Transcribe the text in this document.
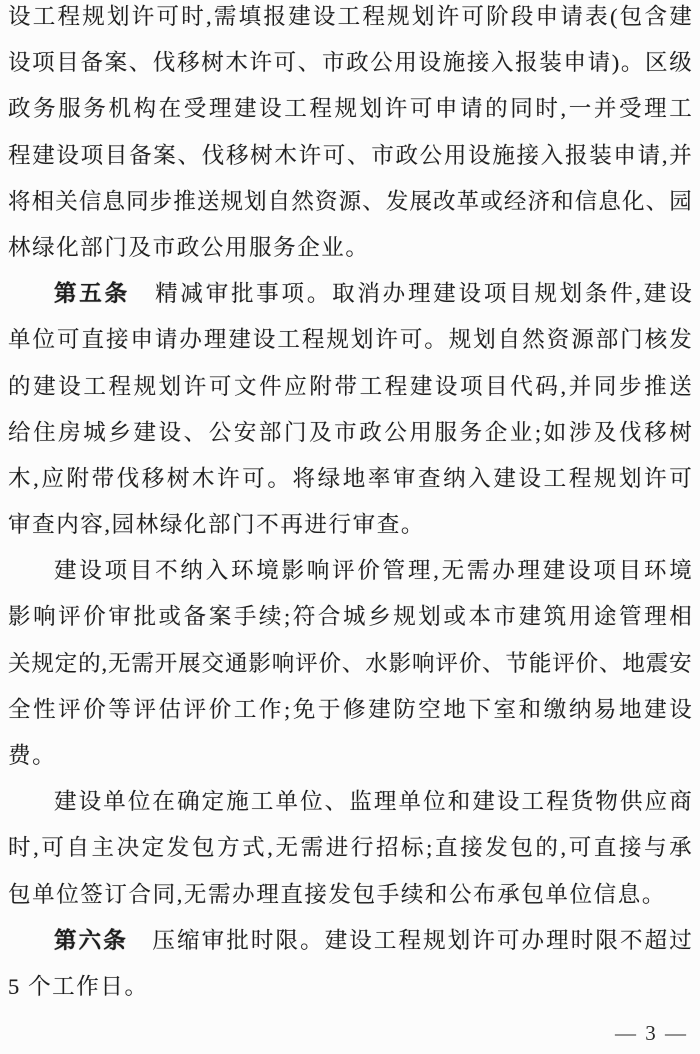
设工程规划许可时,需填报建设工程规划许可阶段申请表(包含建
设项目备案、伐移树木许可、市政公用设施接入报装申请)。区级
政务服务机构在受理建设工程规划许可申请的同时,一并受理工
程建设项目备案、伐移树木许可、市政公用设施接入报装申请,并
将相关信息同步推送规划自然资源、发展改革或经济和信息化、园
林绿化部门及市政公用服务企业。
第五条　精减审批事项。取消办理建设项目规划条件,建设
单位可直接申请办理建设工程规划许可。规划自然资源部门核发
的建设工程规划许可文件应附带工程建设项目代码,并同步推送
给住房城乡建设、公安部门及市政公用服务企业;如涉及伐移树
木,应附带伐移树木许可。将绿地率审查纳入建设工程规划许可
审查内容,园林绿化部门不再进行审查。
建设项目不纳入环境影响评价管理,无需办理建设项目环境
影响评价审批或备案手续;符合城乡规划或本市建筑用途管理相
关规定的,无需开展交通影响评价、水影响评价、节能评价、地震安
全性评价等评估评价工作;免于修建防空地下室和缴纳易地建设
费。
建设单位在确定施工单位、监理单位和建设工程货物供应商
时,可自主决定发包方式,无需进行招标;直接发包的,可直接与承
包单位签订合同,无需办理直接发包手续和公布承包单位信息。
第六条　压缩审批时限。建设工程规划许可办理时限不超过
5 个工作日。
— 3 —
